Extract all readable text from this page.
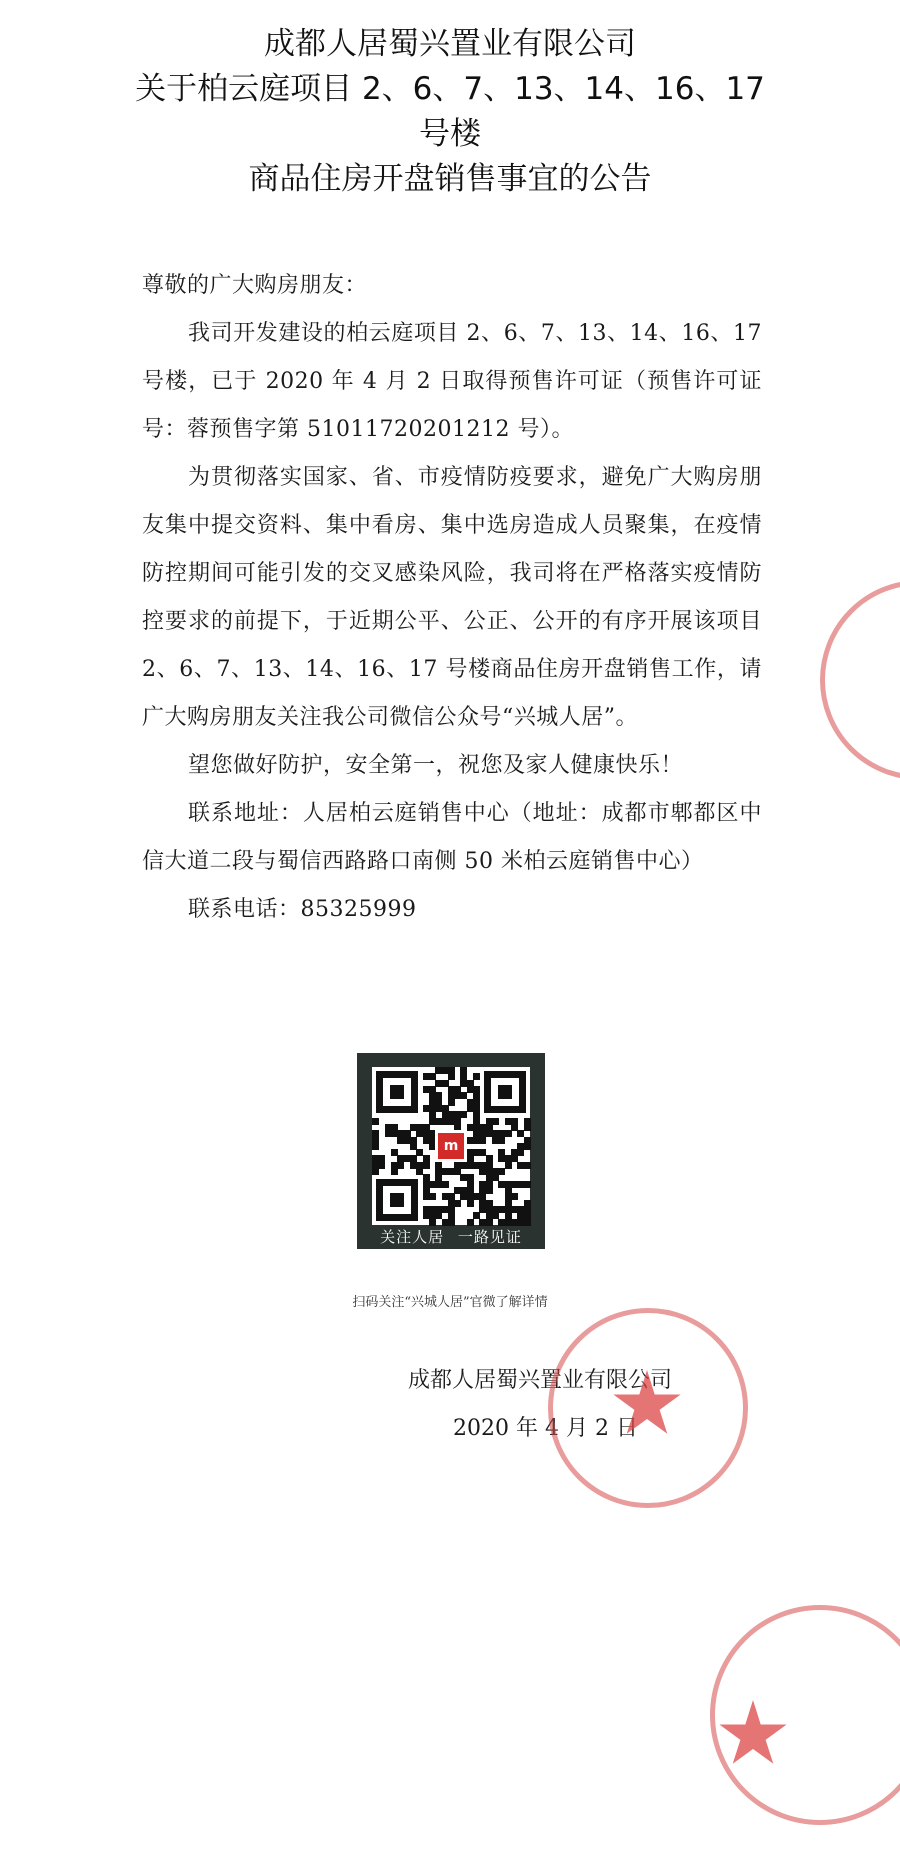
成都人居蜀兴置业有限公司
关于柏云庭项目 2、6、7、13、14、16、17
号楼
商品住房开盘销售事宜的公告

尊敬的广大购房朋友：

我司开发建设的柏云庭项目 2、6、7、13、14、16、17 号楼，已于 2020 年 4 月 2 日取得预售许可证（预售许可证号：蓉预售字第 51011720201212 号）。

为贯彻落实国家、省、市疫情防疫要求，避免广大购房朋友集中提交资料、集中看房、集中选房造成人员聚集，在疫情防控期间可能引发的交叉感染风险，我司将在严格落实疫情防控要求的前提下，于近期公平、公正、公开的有序开展该项目 2、6、7、13、14、16、17 号楼商品住房开盘销售工作，请广大购房朋友关注我公司微信公众号“兴城人居”。

望您做好防护，安全第一，祝您及家人健康快乐！

联系地址：人居柏云庭销售中心（地址：成都市郫都区中信大道二段与蜀信西路路口南侧 50 米柏云庭销售中心）

联系电话：85325999

m
关注人居 一路见证
扫码关注“兴城人居”官微了解详情
成都人居蜀兴置业有限公司
2020 年 4 月 2 日
